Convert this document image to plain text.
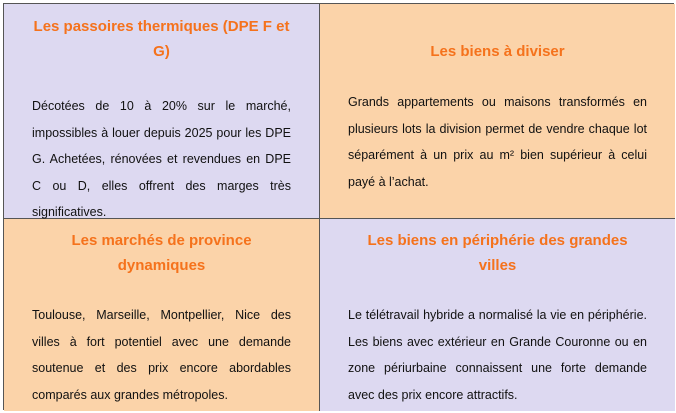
Les passoires thermiques (DPE F et G)

Décotées de 10 à 20% sur le marché, impossibles à louer depuis 2025 pour les DPE G. Achetées, rénovées et revendues en DPE C ou D, elles offrent des marges très significatives.

Les biens à diviser

Grands appartements ou maisons transformés en plusieurs lots la division permet de vendre chaque lot séparément à un prix au m² bien supérieur à celui payé à l’achat.

Les marchés de province dynamiques

Toulouse, Marseille, Montpellier, Nice des villes à fort potentiel avec une demande soutenue et des prix encore abordables comparés aux grandes métropoles.

Les biens en périphérie des grandes villes

Le télétravail hybride a normalisé la vie en périphérie. Les biens avec extérieur en Grande Couronne ou en zone périurbaine connaissent une forte demande avec des prix encore attractifs.
